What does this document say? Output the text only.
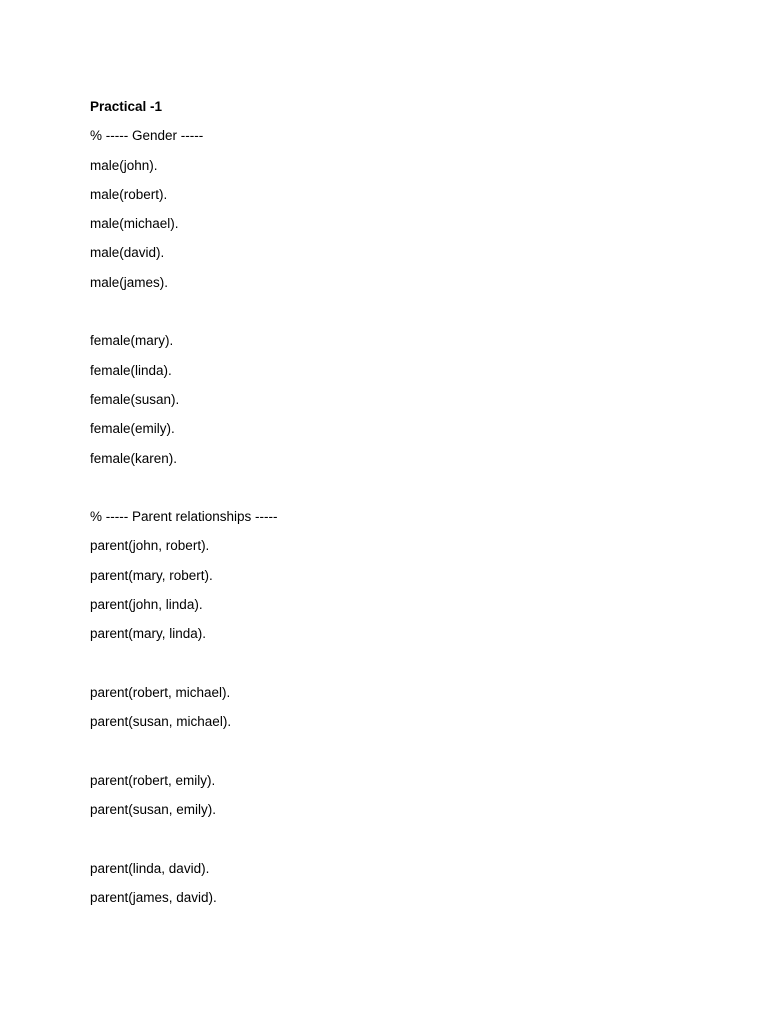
Practical -1
% ----- Gender -----
male(john).
male(robert).
male(michael).
male(david).
male(james).
female(mary).
female(linda).
female(susan).
female(emily).
female(karen).
% ----- Parent relationships -----
parent(john, robert).
parent(mary, robert).
parent(john, linda).
parent(mary, linda).
parent(robert, michael).
parent(susan, michael).
parent(robert, emily).
parent(susan, emily).
parent(linda, david).
parent(james, david).
